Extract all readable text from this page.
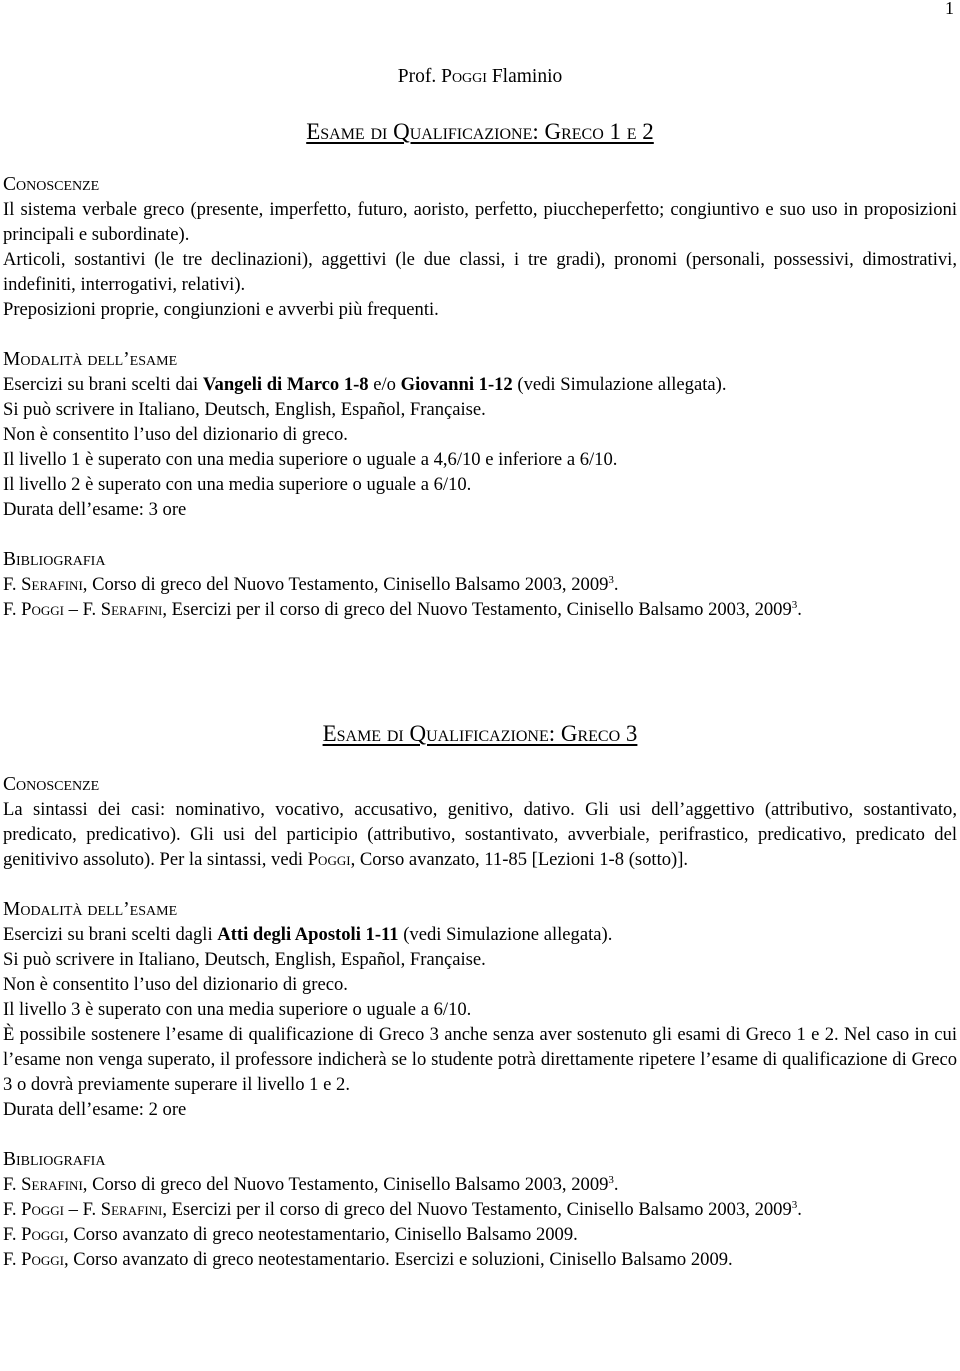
1
Prof. Poggi Flaminio
Esame di Qualificazione: Greco 1 e 2
Conoscenze

Il sistema verbale greco (presente, imperfetto, futuro, aoristo, perfetto, piuccheperfetto; congiuntivo e suo uso in proposizioni principali e subordinate).

Articoli, sostantivi (le tre declinazioni), aggettivi (le due classi, i tre gradi), pronomi (personali, possessivi, dimostrativi, indefiniti, interrogativi, relativi).

Preposizioni proprie, congiunzioni e avverbi più frequenti.

Modalità dell’esame

Esercizi su brani scelti dai Vangeli di Marco 1-8 e/o Giovanni 1-12 (vedi Simulazione allegata).

Si può scrivere in Italiano, Deutsch, English, Español, Française.

Non è consentito l’uso del dizionario di greco.

Il livello 1 è superato con una media superiore o uguale a 4,6/10 e inferiore a 6/10.

Il livello 2 è superato con una media superiore o uguale a 6/10.

Durata dell’esame: 3 ore

Bibliografia

F. Serafini, Corso di greco del Nuovo Testamento, Cinisello Balsamo 2003, 2009$^3$.

F. Poggi – F. Serafini, Esercizi per il corso di greco del Nuovo Testamento, Cinisello Balsamo 2003, 2009$^3$.

Esame di Qualificazione: Greco 3
Conoscenze

La sintassi dei casi: nominativo, vocativo, accusativo, genitivo, dativo. Gli usi dell’aggettivo (attributivo, sostantivato, predicato, predicativo). Gli usi del participio (attributivo, sostantivato, avverbiale, perifrastico, predicativo, predicato del genitivivo assoluto). Per la sintassi, vedi Poggi, Corso avanzato, 11-85 [Lezioni 1-8 (sotto)].

Modalità dell’esame

Esercizi su brani scelti dagli Atti degli Apostoli 1-11 (vedi Simulazione allegata).

Si può scrivere in Italiano, Deutsch, English, Español, Française.

Non è consentito l’uso del dizionario di greco.

Il livello 3 è superato con una media superiore o uguale a 6/10.

È possibile sostenere l’esame di qualificazione di Greco 3 anche senza aver sostenuto gli esami di Greco 1 e 2. Nel caso in cui l’esame non venga superato, il professore indicherà se lo studente potrà direttamente ripetere l’esame di qualificazione di Greco 3 o dovrà previamente superare il livello 1 e 2.

Durata dell’esame: 2 ore

Bibliografia

F. Serafini, Corso di greco del Nuovo Testamento, Cinisello Balsamo 2003, 2009$^3$.

F. Poggi – F. Serafini, Esercizi per il corso di greco del Nuovo Testamento, Cinisello Balsamo 2003, 2009$^3$.

F. Poggi, Corso avanzato di greco neotestamentario, Cinisello Balsamo 2009.

F. Poggi, Corso avanzato di greco neotestamentario. Esercizi e soluzioni, Cinisello Balsamo 2009.
